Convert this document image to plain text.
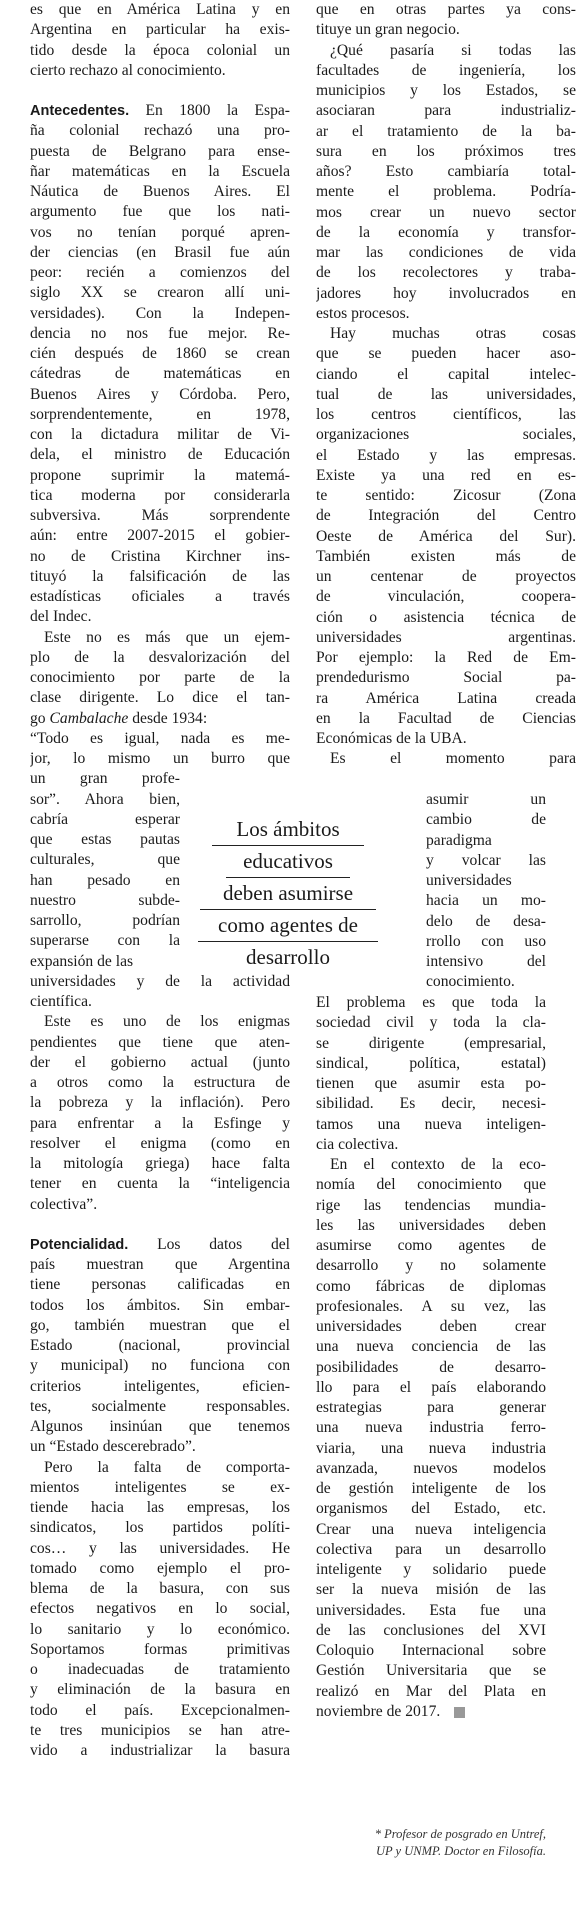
es que en América Latina y en
Argentina en particular ha exis-
tido desde la época colonial un
cierto rechazo al conocimiento.
Antecedentes. En 1800 la Espa-
ña colonial rechazó una pro-
puesta de Belgrano para ense-
ñar matemáticas en la Escuela
Náutica de Buenos Aires. El
argumento fue que los nati-
vos no tenían porqué apren-
der ciencias (en Brasil fue aún
peor: recién a comienzos del
siglo XX se crearon allí uni-
versidades). Con la Indepen-
dencia no nos fue mejor. Re-
cién después de 1860 se crean
cátedras de matemáticas en
Buenos Aires y Córdoba. Pero,
sorprendentemente, en 1978,
con la dictadura militar de Vi-
dela, el ministro de Educación
propone suprimir la matemá-
tica moderna por considerarla
subversiva. Más sorprendente
aún: entre 2007-2015 el gobier-
no de Cristina Kirchner ins-
tituyó la falsificación de las
estadísticas oficiales a través
del Indec.
Este no es más que un ejem-
plo de la desvalorización del
conocimiento por parte de la
clase dirigente. Lo dice el tan-
go Cambalache desde 1934:
“Todo es igual, nada es me-
jor, lo mismo un burro que
un gran profe-
sor”. Ahora bien,
cabría esperar
que estas pautas
culturales, que
han pesado en
nuestro subde-
sarrollo, podrían
superarse con la
expansión de las
universidades y de la actividad
científica.
Este es uno de los enigmas
pendientes que tiene que aten-
der el gobierno actual (junto
a otros como la estructura de
la pobreza y la inflación). Pero
para enfrentar a la Esfinge y
resolver el enigma (como en
la mitología griega) hace falta
tener en cuenta la “inteligencia
colectiva”.
Potencialidad. Los datos del
país muestran que Argentina
tiene personas calificadas en
todos los ámbitos. Sin embar-
go, también muestran que el
Estado (nacional, provincial
y municipal) no funciona con
criterios inteligentes, eficien-
tes, socialmente responsables.
Algunos insinúan que tenemos
un “Estado descerebrado”.
Pero la falta de comporta-
mientos inteligentes se ex-
tiende hacia las empresas, los
sindicatos, los partidos políti-
cos… y las universidades. He
tomado como ejemplo el pro-
blema de la basura, con sus
efectos negativos en lo social,
lo sanitario y lo económico.
Soportamos formas primitivas
o inadecuadas de tratamiento
y eliminación de la basura en
todo el país. Excepcionalmen-
te tres municipios se han atre-
vido a industrializar la basura
que en otras partes ya cons-
tituye un gran negocio.
¿Qué pasaría si todas las
facultades de ingeniería, los
municipios y los Estados, se
asociaran para industrializ-
ar el tratamiento de la ba-
sura en los próximos tres
años? Esto cambiaría total-
mente el problema. Podría-
mos crear un nuevo sector
de la economía y transfor-
mar las condiciones de vida
de los recolectores y traba-
jadores hoy involucrados en
estos procesos.
Hay muchas otras cosas
que se pueden hacer aso-
ciando el capital intelec-
tual de las universidades,
los centros científicos, las
organizaciones sociales,
el Estado y las empresas.
Existe ya una red en es-
te sentido: Zicosur (Zona
de Integración del Centro
Oeste de América del Sur).
También existen más de
un centenar de proyectos
de vinculación, coopera-
ción o asistencia técnica de
universidades argentinas.
Por ejemplo: la Red de Em-
prendedurismo Social pa-
ra América Latina creada
en la Facultad de Ciencias
Económicas de la UBA.
Es el momento para
asumir un
cambio de
paradigma
y volcar las
universidades
hacia un mo-
delo de desa-
rrollo con uso
intensivo del
conocimiento.
El problema es que toda la
sociedad civil y toda la cla-
se dirigente (empresarial,
sindical, política, estatal)
tienen que asumir esta po-
sibilidad. Es decir, necesi-
tamos una nueva inteligen-
cia colectiva.
En el contexto de la eco-
nomía del conocimiento que
rige las tendencias mundia-
les las universidades deben
asumirse como agentes de
desarrollo y no solamente
como fábricas de diplomas
profesionales. A su vez, las
universidades deben crear
una nueva conciencia de las
posibilidades de desarro-
llo para el país elaborando
estrategias para generar
una nueva industria ferro-
viaria, una nueva industria
avanzada, nuevos modelos
de gestión inteligente de los
organismos del Estado, etc.
Crear una nueva inteligencia
colectiva para un desarrollo
inteligente y solidario puede
ser la nueva misión de las
universidades. Esta fue una
de las conclusiones del XVI
Coloquio Internacional sobre
Gestión Universitaria que se
realizó en Mar del Plata en
noviembre de 2017.
Los ámbitos
educativos
deben asumirse
como agentes de
desarrollo
* Profesor de posgrado en Untref,
UP y UNMP. Doctor en Filosofía.
